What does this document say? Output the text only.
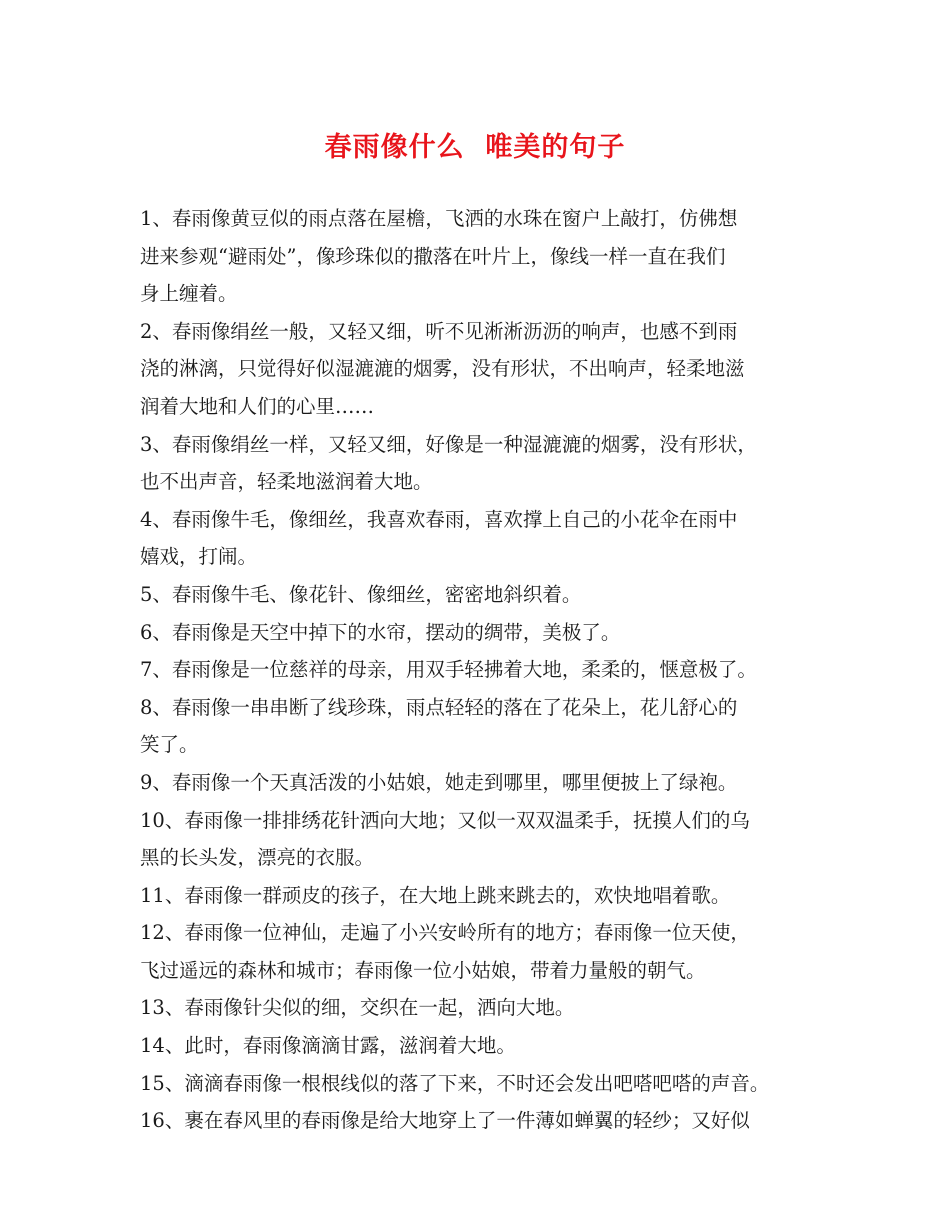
春雨像什么  唯美的句子
1、春雨像黄豆似的雨点落在屋檐，飞洒的水珠在窗户上敲打，仿佛想
进来参观“避雨处”，像珍珠似的撒落在叶片上，像线一样一直在我们
身上缠着。
2、春雨像绢丝一般，又轻又细，听不见淅淅沥沥的响声，也感不到雨
浇的淋漓，只觉得好似湿漉漉的烟雾，没有形状，不出响声，轻柔地滋
润着大地和人们的心里……
3、春雨像绢丝一样，又轻又细，好像是一种湿漉漉的烟雾，没有形状，
也不出声音，轻柔地滋润着大地。
4、春雨像牛毛，像细丝，我喜欢春雨，喜欢撑上自己的小花伞在雨中
嬉戏，打闹。
5、春雨像牛毛、像花针、像细丝，密密地斜织着。
6、春雨像是天空中掉下的水帘，摆动的绸带，美极了。
7、春雨像是一位慈祥的母亲，用双手轻拂着大地，柔柔的，惬意极了。
8、春雨像一串串断了线珍珠，雨点轻轻的落在了花朵上，花儿舒心的
笑了。
9、春雨像一个天真活泼的小姑娘，她走到哪里，哪里便披上了绿袍。
10、春雨像一排排绣花针洒向大地；又似一双双温柔手，抚摸人们的乌
黑的长头发，漂亮的衣服。
11、春雨像一群顽皮的孩子，在大地上跳来跳去的，欢快地唱着歌。
12、春雨像一位神仙，走遍了小兴安岭所有的地方；春雨像一位天使，
飞过遥远的森林和城市；春雨像一位小姑娘，带着力量般的朝气。
13、春雨像针尖似的细，交织在一起，洒向大地。
14、此时，春雨像滴滴甘露，滋润着大地。
15、滴滴春雨像一根根线似的落了下来，不时还会发出吧嗒吧嗒的声音。
16、裹在春风里的春雨像是给大地穿上了一件薄如蝉翼的轻纱；又好似
